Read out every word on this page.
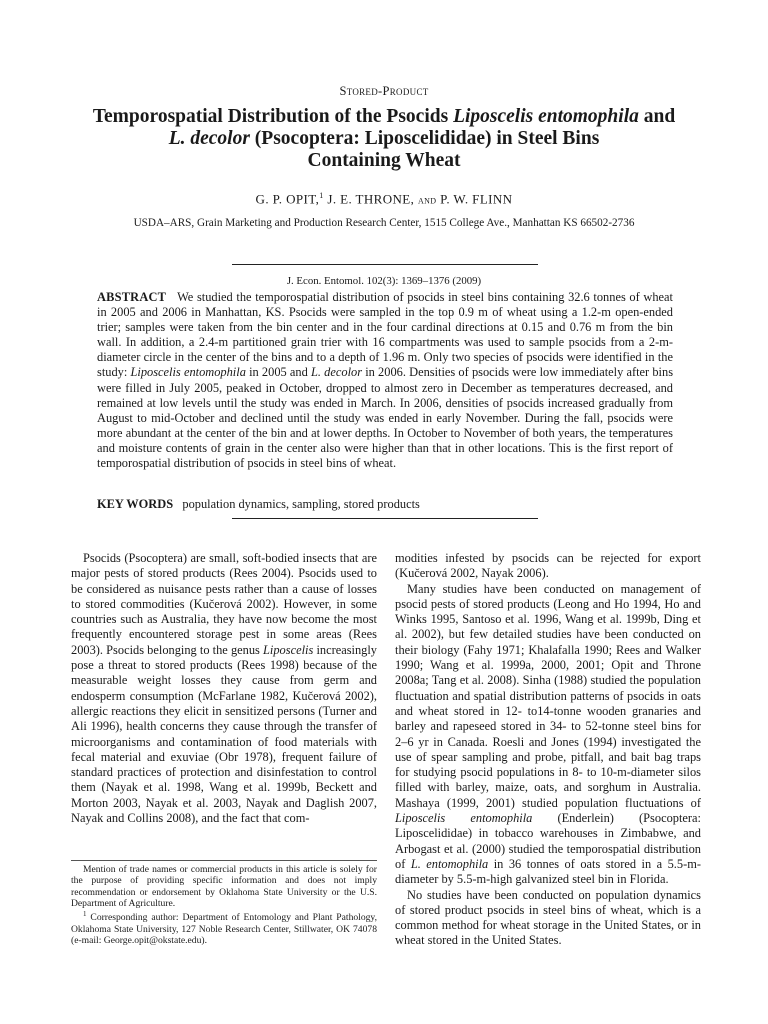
Stored-Product
Temporospatial Distribution of the Psocids Liposcelis entomophila and
L. decolor (Psocoptera: Liposcelididae) in Steel Bins
Containing Wheat
G. P. OPIT,$^1$ J. E. THRONE, and P. W. FLINN
USDA–ARS, Grain Marketing and Production Research Center, 1515 College Ave., Manhattan KS 66502-2736
J. Econ. Entomol. 102(3): 1369–1376 (2009)
ABSTRACT We studied the temporospatial distribution of psocids in steel bins containing 32.6 tonnes of wheat in 2005 and 2006 in Manhattan, KS. Psocids were sampled in the top 0.9 m of wheat using a 1.2-m open-ended trier; samples were taken from the bin center and in the four cardinal directions at 0.15 and 0.76 m from the bin wall. In addition, a 2.4-m partitioned grain trier with 16 compartments was used to sample psocids from a 2-m-diameter circle in the center of the bins and to a depth of 1.96 m. Only two species of psocids were identified in the study: Liposcelis entomophila in 2005 and L. decolor in 2006. Densities of psocids were low immediately after bins were filled in July 2005, peaked in October, dropped to almost zero in December as temperatures decreased, and remained at low levels until the study was ended in March. In 2006, densities of psocids increased gradually from August to mid-October and declined until the study was ended in early November. During the fall, psocids were more abundant at the center of the bin and at lower depths. In October to November of both years, the temperatures and moisture contents of grain in the center also were higher than that in other locations. This is the first report of temporospatial distribution of psocids in steel bins of wheat.
KEY WORDS population dynamics, sampling, stored products

Psocids (Psocoptera) are small, soft-bodied insects that are major pests of stored products (Rees 2004). Psocids used to be considered as nuisance pests rather than a cause of losses to stored commodities (Kučerová 2002). However, in some countries such as Australia, they have now become the most frequently encountered storage pest in some areas (Rees 2003). Psocids belonging to the genus Liposcelis increasingly pose a threat to stored products (Rees 1998) because of the measurable weight losses they cause from germ and endosperm consumption (McFarlane 1982, Kučerová 2002), allergic reactions they elicit in sensitized persons (Turner and Ali 1996), health concerns they cause through the transfer of microorganisms and contamination of food materials with fecal material and exuviae (Obr 1978), frequent failure of standard practices of protection and disinfestation to control them (Nayak et al. 1998, Wang et al. 1999b, Beckett and Morton 2003, Nayak et al. 2003, Nayak and Daglish 2007, Nayak and Collins 2008), and the fact that com-

Mention of trade names or commercial products in this article is solely for the purpose of providing specific information and does not imply recommendation or endorsement by Oklahoma State University or the U.S. Department of Agriculture.

$^1$ Corresponding author: Department of Entomology and Plant Pathology, Oklahoma State University, 127 Noble Research Center, Stillwater, OK 74078 (e-mail: George.opit@okstate.edu).

modities infested by psocids can be rejected for export (Kučerová 2002, Nayak 2006).

Many studies have been conducted on management of psocid pests of stored products (Leong and Ho 1994, Ho and Winks 1995, Santoso et al. 1996, Wang et al. 1999b, Ding et al. 2002), but few detailed studies have been conducted on their biology (Fahy 1971; Khalafalla 1990; Rees and Walker 1990; Wang et al. 1999a, 2000, 2001; Opit and Throne 2008a; Tang et al. 2008). Sinha (1988) studied the population fluctuation and spatial distribution patterns of psocids in oats and wheat stored in 12- to14-tonne wooden granaries and barley and rapeseed stored in 34- to 52-tonne steel bins for 2–6 yr in Canada. Roesli and Jones (1994) investigated the use of spear sampling and probe, pitfall, and bait bag traps for studying psocid populations in 8- to 10-m-diameter silos filled with barley, maize, oats, and sorghum in Australia. Mashaya (1999, 2001) studied population fluctuations of Liposcelis entomophila (Enderlein) (Psocoptera: Liposcelididae) in tobacco warehouses in Zimbabwe, and Arbogast et al. (2000) studied the temporospatial distribution of L. entomophila in 36 tonnes of oats stored in a 5.5-m-diameter by 5.5-m-high galvanized steel bin in Florida.

No studies have been conducted on population dynamics of stored product psocids in steel bins of wheat, which is a common method for wheat storage in the United States, or in wheat stored in the United States.
